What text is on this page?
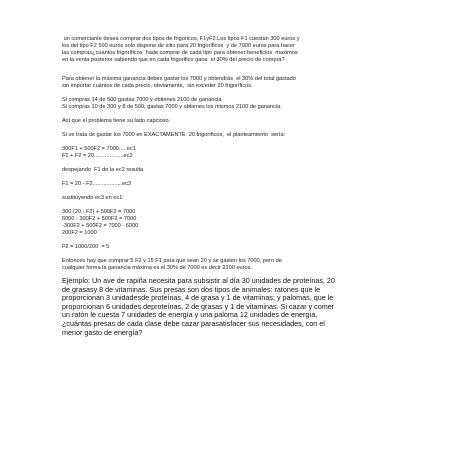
un comerciante desea comprar dos tipos de frigoricos, F1yF2.Los tipos F1 cuestan 300 euros y

los del tipo F2 500 euros solo dispone de sitio para 20 frigoríficos  y de 7000 euros para hacer

las compras¿cuantos frigoríficos  hade comprar de cada tipo para obtener beneficios  maximos

en la venta posterior sabiendo que en cada frigorifico gana  el 30% del precio de compra?

Para obtener la máxima ganancia debes gastar los 7000 y obtendrás  el 30% del total gastado

sin importar cuántos de cada precio, obviamente,  sin exceder 20 frigoríficos.

Si compras 14 de 500 gastas 7000 y obtienes 2100 de ganancia

Si compras 10 de 300 y 8 de 500, gastas 7000 y obtienes los mismos 2100 de ganancia.

Así que el problema tiene su lado capcioso.

Si se trata de gastar los 7000 en EXACTAMENTE  20 frigoríficos,  el planteamiento  sería:

300F1 + 500F2 = 7000.... ec1

F1 + F2 = 20...................ec2

despejando  F1 de la ec2 resulta

F1 = 20 - F2...................ec3

sustituyendo ec3 en ec1:

300 (20 - F2) + 500F2 = 7000

6000 - 300F2 + 500F2 = 7000

-300F2 + 500F2 = 7000 - 6000

200F2 = 1000

F2 = 1000/200  = 5

Entonces hay que comprar 5 F2 y 15 F1 para que sean 20 y se gasten los 7000, pero de

cualquier forma la ganancia máxima es el 30% de 7000 es decir 2100 euros.

Ejemplo: Un ave de rapiña necesita para subsistir al día 30 unidades de proteínas, 20

de grasasy 8 de vitaminas. Sus presas son dos tipos de animales: ratones que le

proporcionan 3 unidadesde proteínas, 4 de grasa y 1 de vitaminas; y palomas, que le

proporcionan 6 unidades deproteínas, 2 de grasas y 1 de vitaminas. Si cazar y comer

un ratón le cuesta 7 unidades de energía y una paloma 12 unidades de energía,

¿cuántas presas de cada clase debe cazar parasatisfacer sus necesidades, con el

menor gasto de energía?
